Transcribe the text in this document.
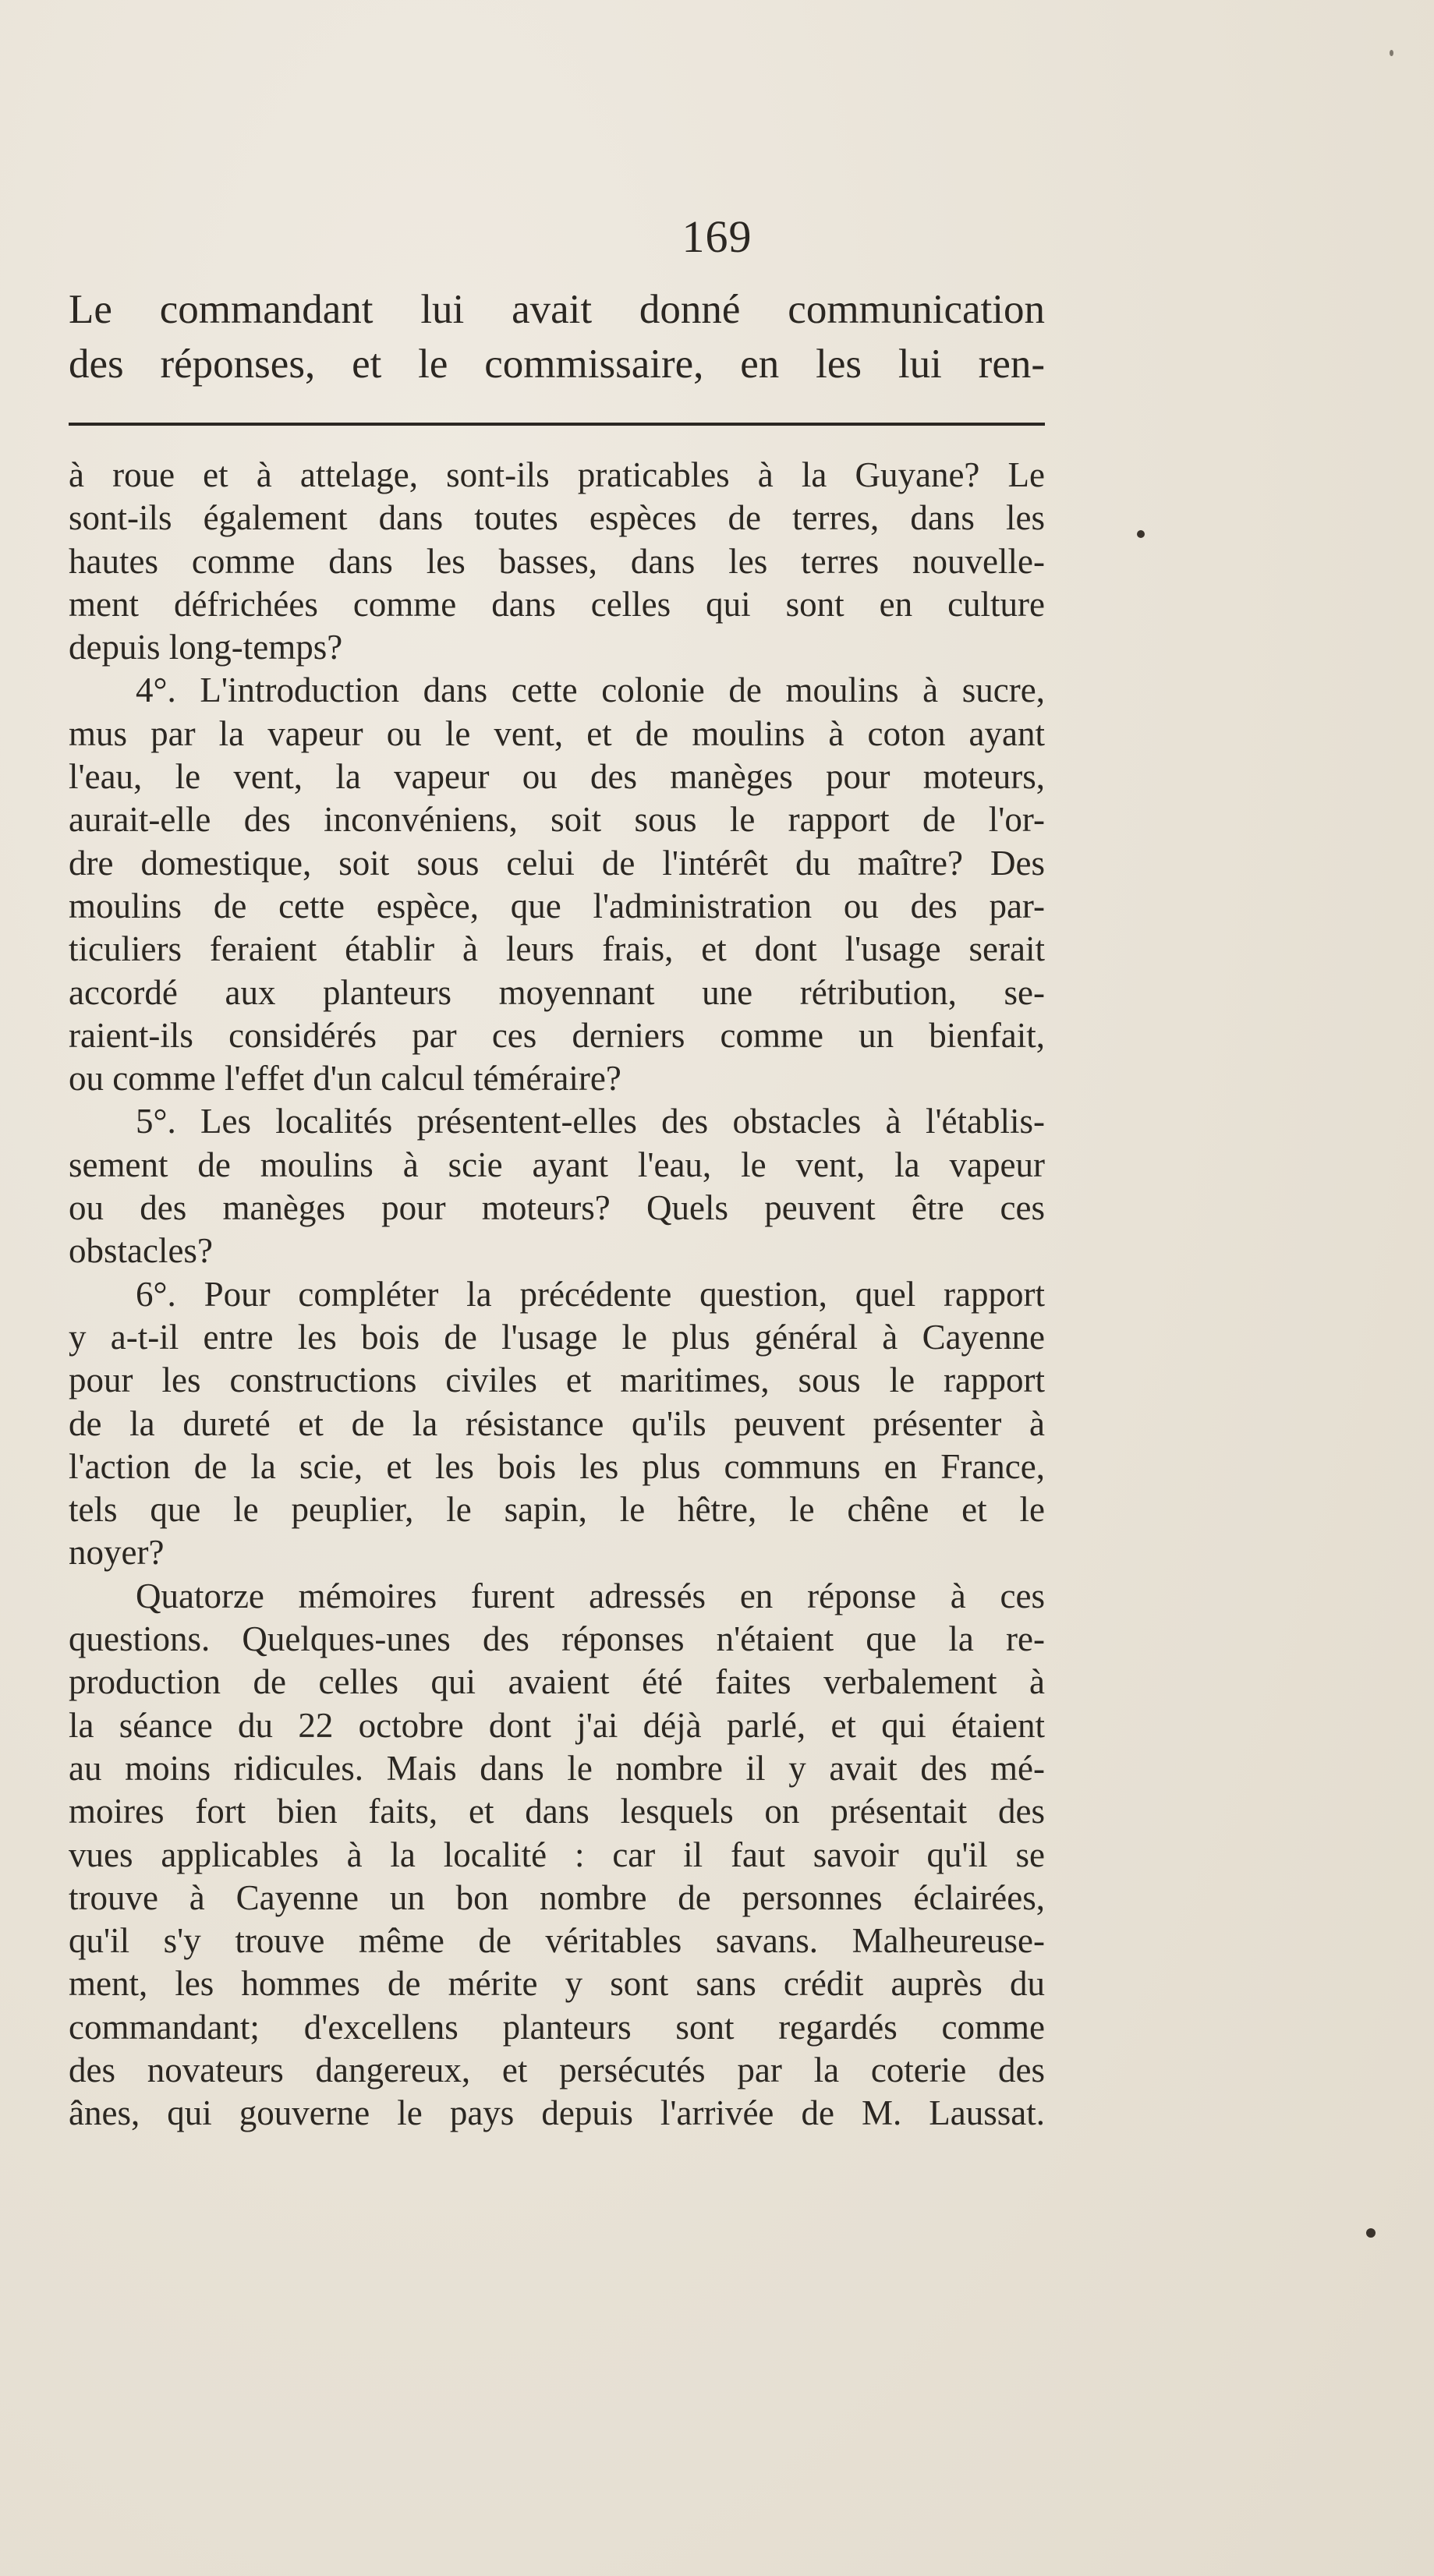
169
Le commandant lui avait donné communication
des réponses, et le commissaire, en les lui ren-
à roue et à attelage, sont-ils praticables à la Guyane? Le
sont-ils également dans toutes espèces de terres, dans les
hautes comme dans les basses, dans les terres nouvelle-
ment défrichées comme dans celles qui sont en culture
depuis long-temps?
4°. L'introduction dans cette colonie de moulins à sucre,
mus par la vapeur ou le vent, et de moulins à coton ayant
l'eau, le vent, la vapeur ou des manèges pour moteurs,
aurait-elle des inconvéniens, soit sous le rapport de l'or-
dre domestique, soit sous celui de l'intérêt du maître? Des
moulins de cette espèce, que l'administration ou des par-
ticuliers feraient établir à leurs frais, et dont l'usage serait
accordé aux planteurs moyennant une rétribution, se-
raient-ils considérés par ces derniers comme un bienfait,
ou comme l'effet d'un calcul téméraire?
5°. Les localités présentent-elles des obstacles à l'établis-
sement de moulins à scie ayant l'eau, le vent, la vapeur
ou des manèges pour moteurs? Quels peuvent être ces
obstacles?
6°. Pour compléter la précédente question, quel rapport
y a-t-il entre les bois de l'usage le plus général à Cayenne
pour les constructions civiles et maritimes, sous le rapport
de la dureté et de la résistance qu'ils peuvent présenter à
l'action de la scie, et les bois les plus communs en France,
tels que le peuplier, le sapin, le hêtre, le chêne et le
noyer?
Quatorze mémoires furent adressés en réponse à ces
questions. Quelques-unes des réponses n'étaient que la re-
production de celles qui avaient été faites verbalement à
la séance du 22 octobre dont j'ai déjà parlé, et qui étaient
au moins ridicules. Mais dans le nombre il y avait des mé-
moires fort bien faits, et dans lesquels on présentait des
vues applicables à la localité : car il faut savoir qu'il se
trouve à Cayenne un bon nombre de personnes éclairées,
qu'il s'y trouve même de véritables savans. Malheureuse-
ment, les hommes de mérite y sont sans crédit auprès du
commandant; d'excellens planteurs sont regardés comme
des novateurs dangereux, et persécutés par la coterie des
ânes, qui gouverne le pays depuis l'arrivée de M. Laussat.
